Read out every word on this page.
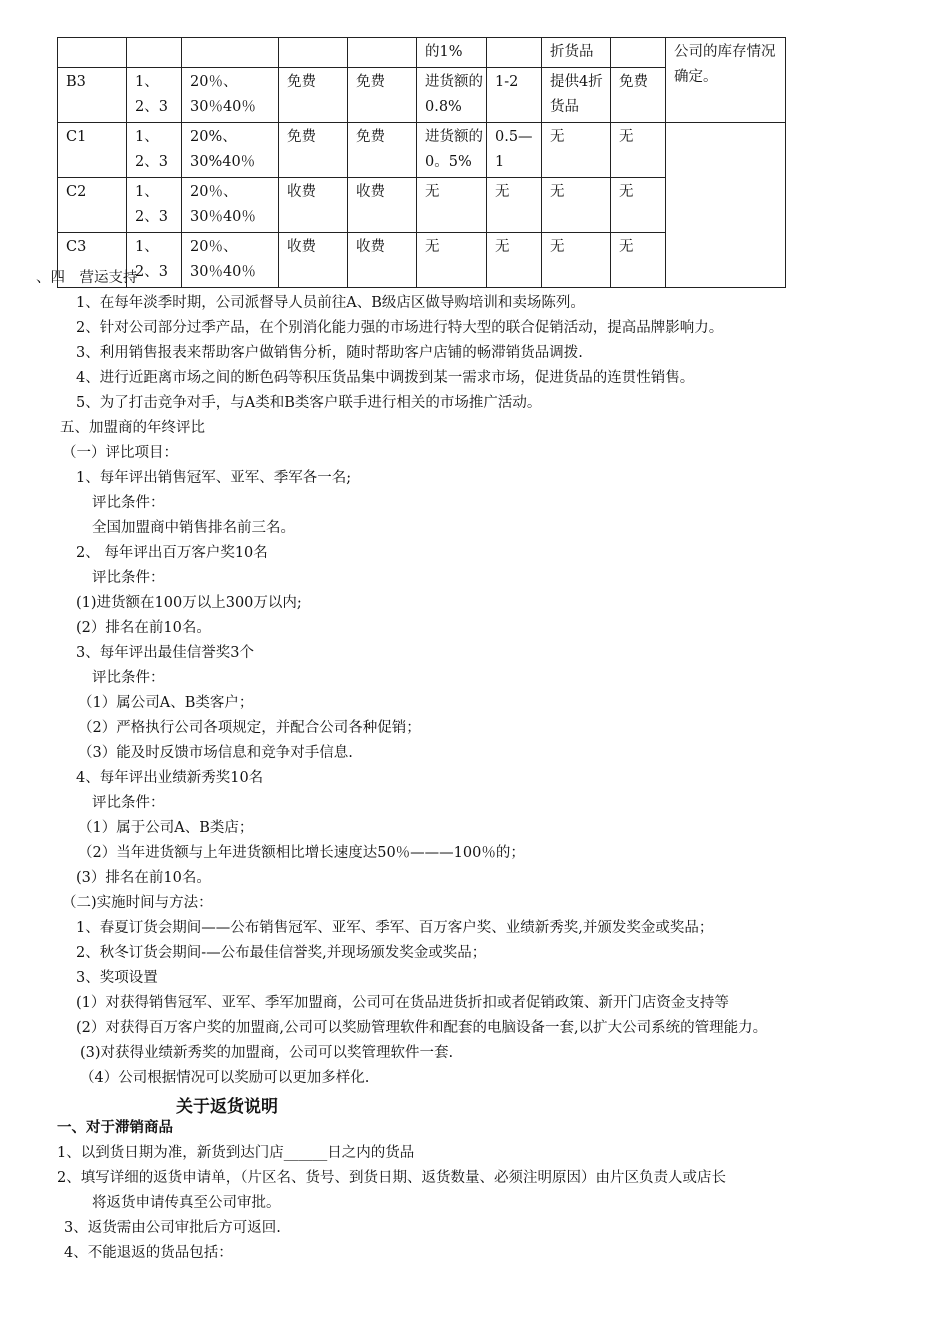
					的1%		折货品		公司的库存情况确定。
B3	1、2、3	20％、30％40％	免费	免费	进货额的0.8%	1-2	提供4折货品	免费	
C1	1、2、3	20%、30%40％	免费	免费	进货额的0。5%	0.5—1	无	无	
C2	1、2、3	20％、30％40％	收费	收费	无	无	无	无	
C3	1、2、3	20％、30％40％	收费	收费	无	无	无	无	
、四　营运支持
1、在每年淡季时期，公司派督导人员前往A、B级店区做导购培训和卖场陈列。
2、针对公司部分过季产品，在个别消化能力强的市场进行特大型的联合促销活动，提高品牌影响力。
3、利用销售报表来帮助客户做销售分析，随时帮助客户店铺的畅滞销货品调拨.
4、进行近距离市场之间的断色码等积压货品集中调拨到某一需求市场，促进货品的连贯性销售。
5、为了打击竞争对手，与A类和B类客户联手进行相关的市场推广活动。
五、加盟商的年终评比
（一）评比项目：
1、每年评出销售冠军、亚军、季军各一名;
评比条件：
全国加盟商中销售排名前三名。
2、 每年评出百万客户奖10名
评比条件：
(1)进货额在100万以上300万以内;
(2）排名在前10名。
3、每年评出最佳信誉奖3个
评比条件：
（1）属公司A、B类客户；
（2）严格执行公司各项规定，并配合公司各种促销；
（3）能及时反馈市场信息和竞争对手信息.
4、每年评出业绩新秀奖10名
评比条件：
（1）属于公司A、B类店；
（2）当年进货额与上年进货额相比增长速度达50％———100％的；
(3）排名在前10名。
（二)实施时间与方法：
1、春夏订货会期间——公布销售冠军、亚军、季军、百万客户奖、业绩新秀奖,并颁发奖金或奖品；
2、秋冬订货会期间-—公布最佳信誉奖,并现场颁发奖金或奖品；
3、奖项设置
(1）对获得销售冠军、亚军、季军加盟商，公司可在货品进货折扣或者促销政策、新开门店资金支持等
(2）对获得百万客户奖的加盟商,公司可以奖励管理软件和配套的电脑设备一套,以扩大公司系统的管理能力。
(3)对获得业绩新秀奖的加盟商，公司可以奖管理软件一套.
（4）公司根据情况可以奖励可以更加多样化.
关于返货说明
一、对于滞销商品
1、以到货日期为准，新货到达门店______日之内的货品
2、填写详细的返货申请单，（片区名、货号、到货日期、返货数量、必须注明原因）由片区负责人或店长
将返货申请传真至公司审批。
3、返货需由公司审批后方可返回.
4、不能退返的货品包括：
